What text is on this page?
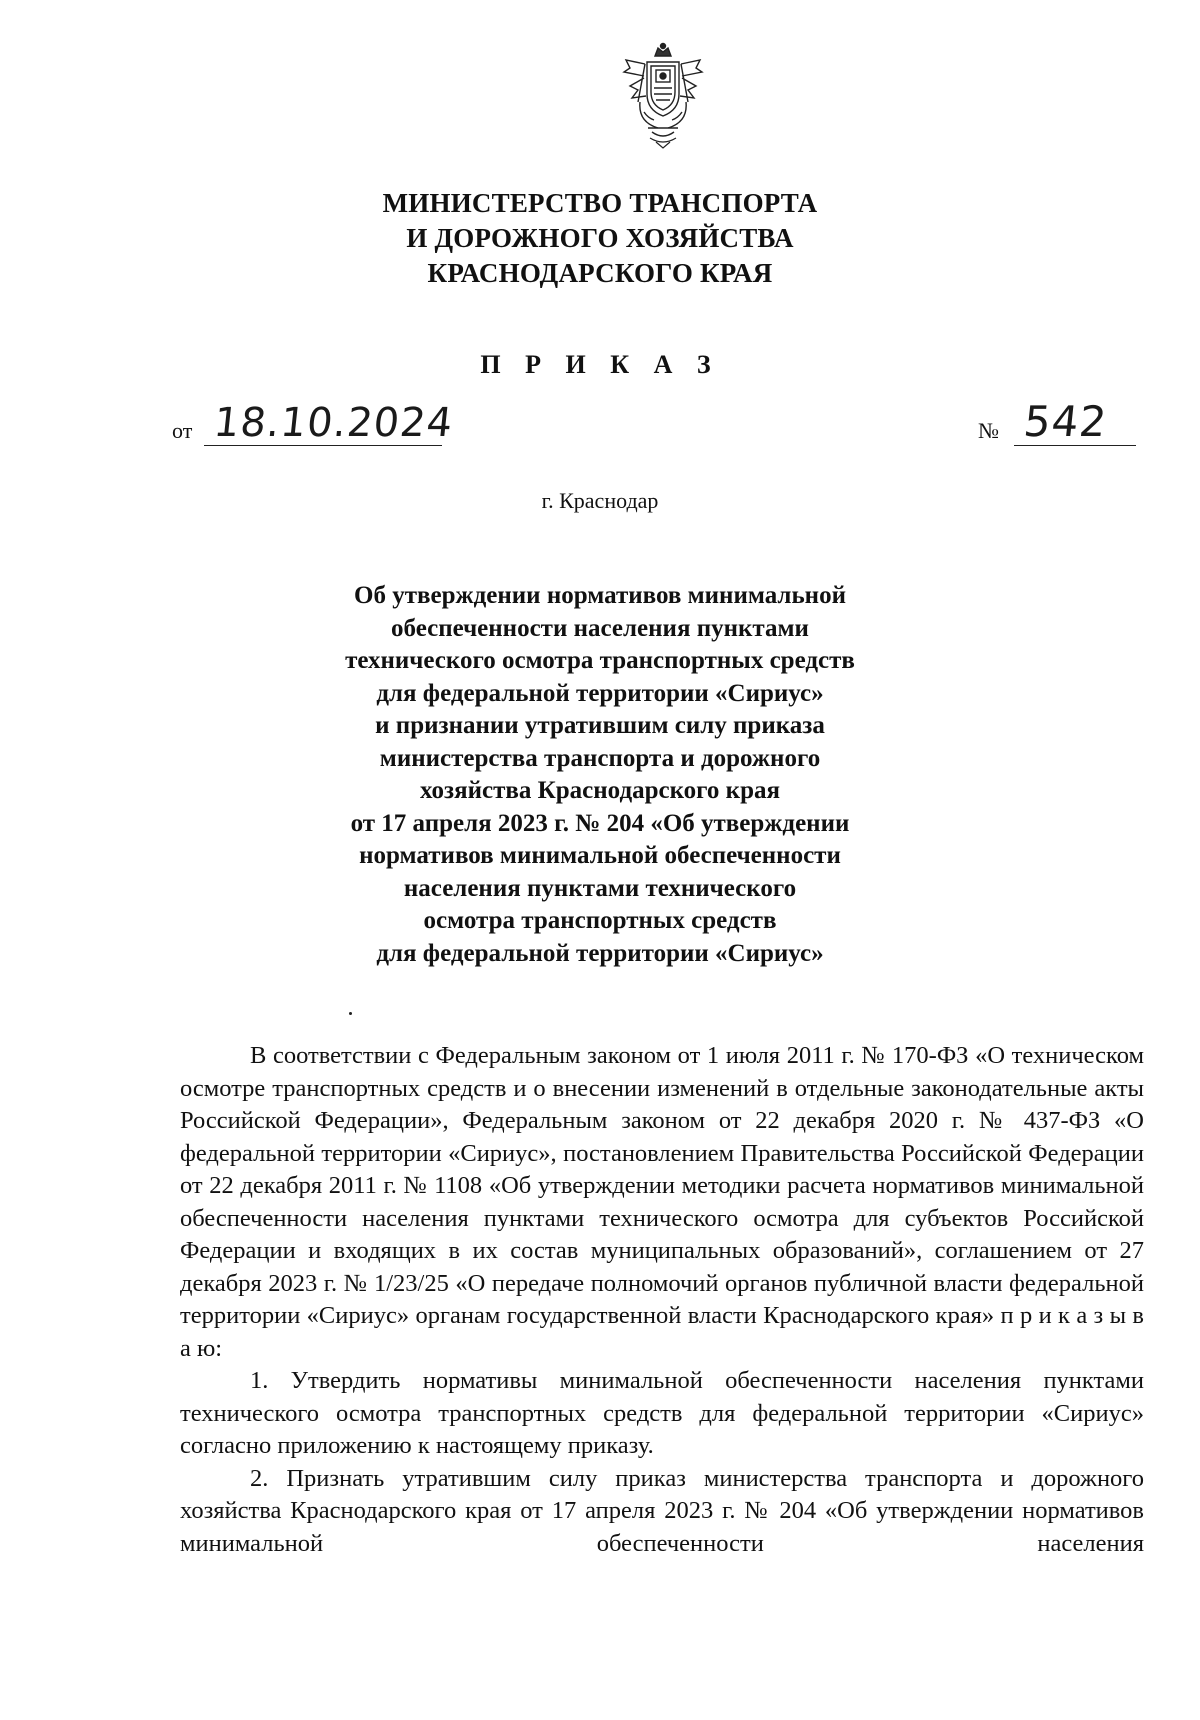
МИНИСТЕРСТВО ТРАНСПОРТА
И ДОРОЖНОГО ХОЗЯЙСТВА
КРАСНОДАРСКОГО КРАЯ
П Р И К А З
от 18.10.2024	№ 542
г. Краснодар
Об утверждении нормативов минимальной
обеспеченности населения пунктами
технического осмотра транспортных средств
для федеральной территории «Сириус»
и признании утратившим силу приказа
министерства транспорта и дорожного
хозяйства Краснодарского края
от 17 апреля 2023 г. № 204 «Об утверждении
нормативов минимальной обеспеченности
населения пунктами технического
осмотра транспортных средств
для федеральной территории «Сириус»

В соответствии с Федеральным законом от 1 июля 2011 г. № 170-ФЗ «О техническом осмотре транспортных средств и о внесении изменений в отдельные законодательные акты Российской Федерации», Федеральным законом от 22 декабря 2020 г. № 437-ФЗ «О федеральной территории «Сириус», постановлением Правительства Российской Федерации от 22 декабря 2011 г. № 1108 «Об утверждении методики расчета нормативов минимальной обеспеченности населения пунктами технического осмотра для субъектов Российской Федерации и входящих в их состав муниципальных образований», соглашением от 27 декабря 2023 г. № 1/23/25 «О передаче полномочий органов публичной власти федеральной территории «Сириус» органам государственной власти Краснодарского края» п р и к а з ы в а ю:

1. Утвердить нормативы минимальной обеспеченности населения пунктами технического осмотра транспортных средств для федеральной территории «Сириус» согласно приложению к настоящему приказу.

2. Признать утратившим силу приказ министерства транспорта и дорожного хозяйства Краснодарского края от 17 апреля 2023 г. № 204 «Об утверждении нормативов минимальной обеспеченности населения
